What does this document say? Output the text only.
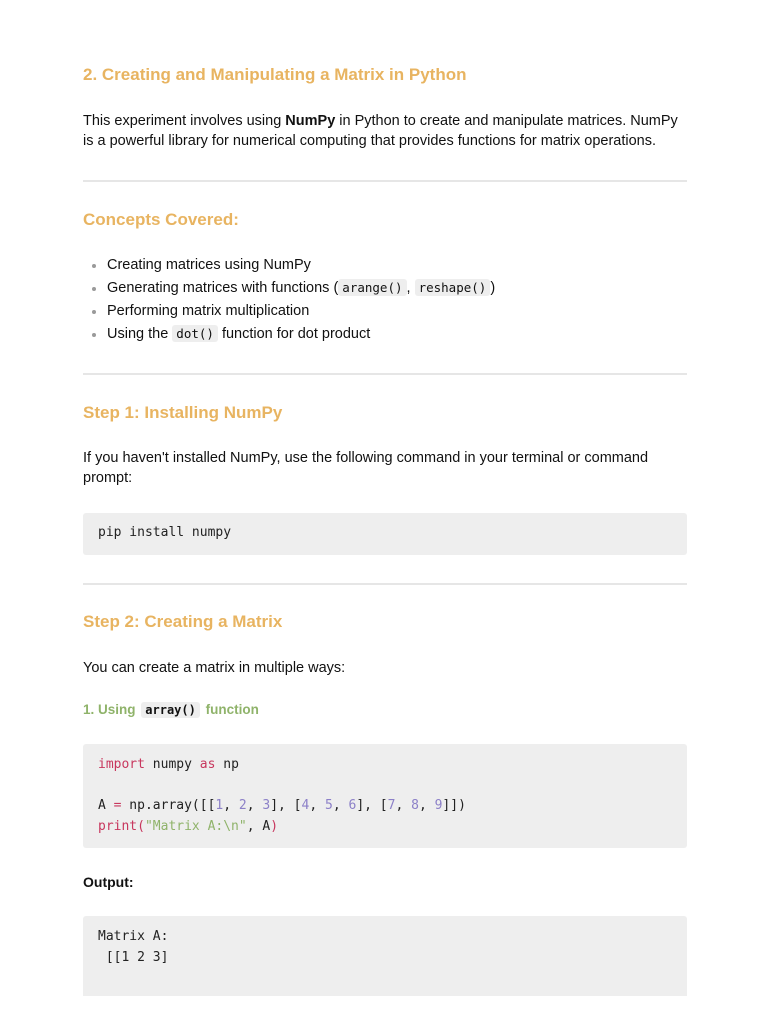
2. Creating and Manipulating a Matrix in Python
This experiment involves using NumPy in Python to create and manipulate matrices. NumPy is a powerful library for numerical computing that provides functions for matrix operations.
Concepts Covered:
Creating matrices using NumPy
Generating matrices with functions ( arange() , reshape() )
Performing matrix multiplication
Using the dot() function for dot product
Step 1: Installing NumPy
If you haven't installed NumPy, use the following command in your terminal or command prompt:
pip install numpy
Step 2: Creating a Matrix
You can create a matrix in multiple ways:
1. Using array() function
import numpy as np

A = np.array([[1, 2, 3], [4, 5, 6], [7, 8, 9]])
print("Matrix A:\n", A)
Output:
Matrix A:
[[1 2 3]
